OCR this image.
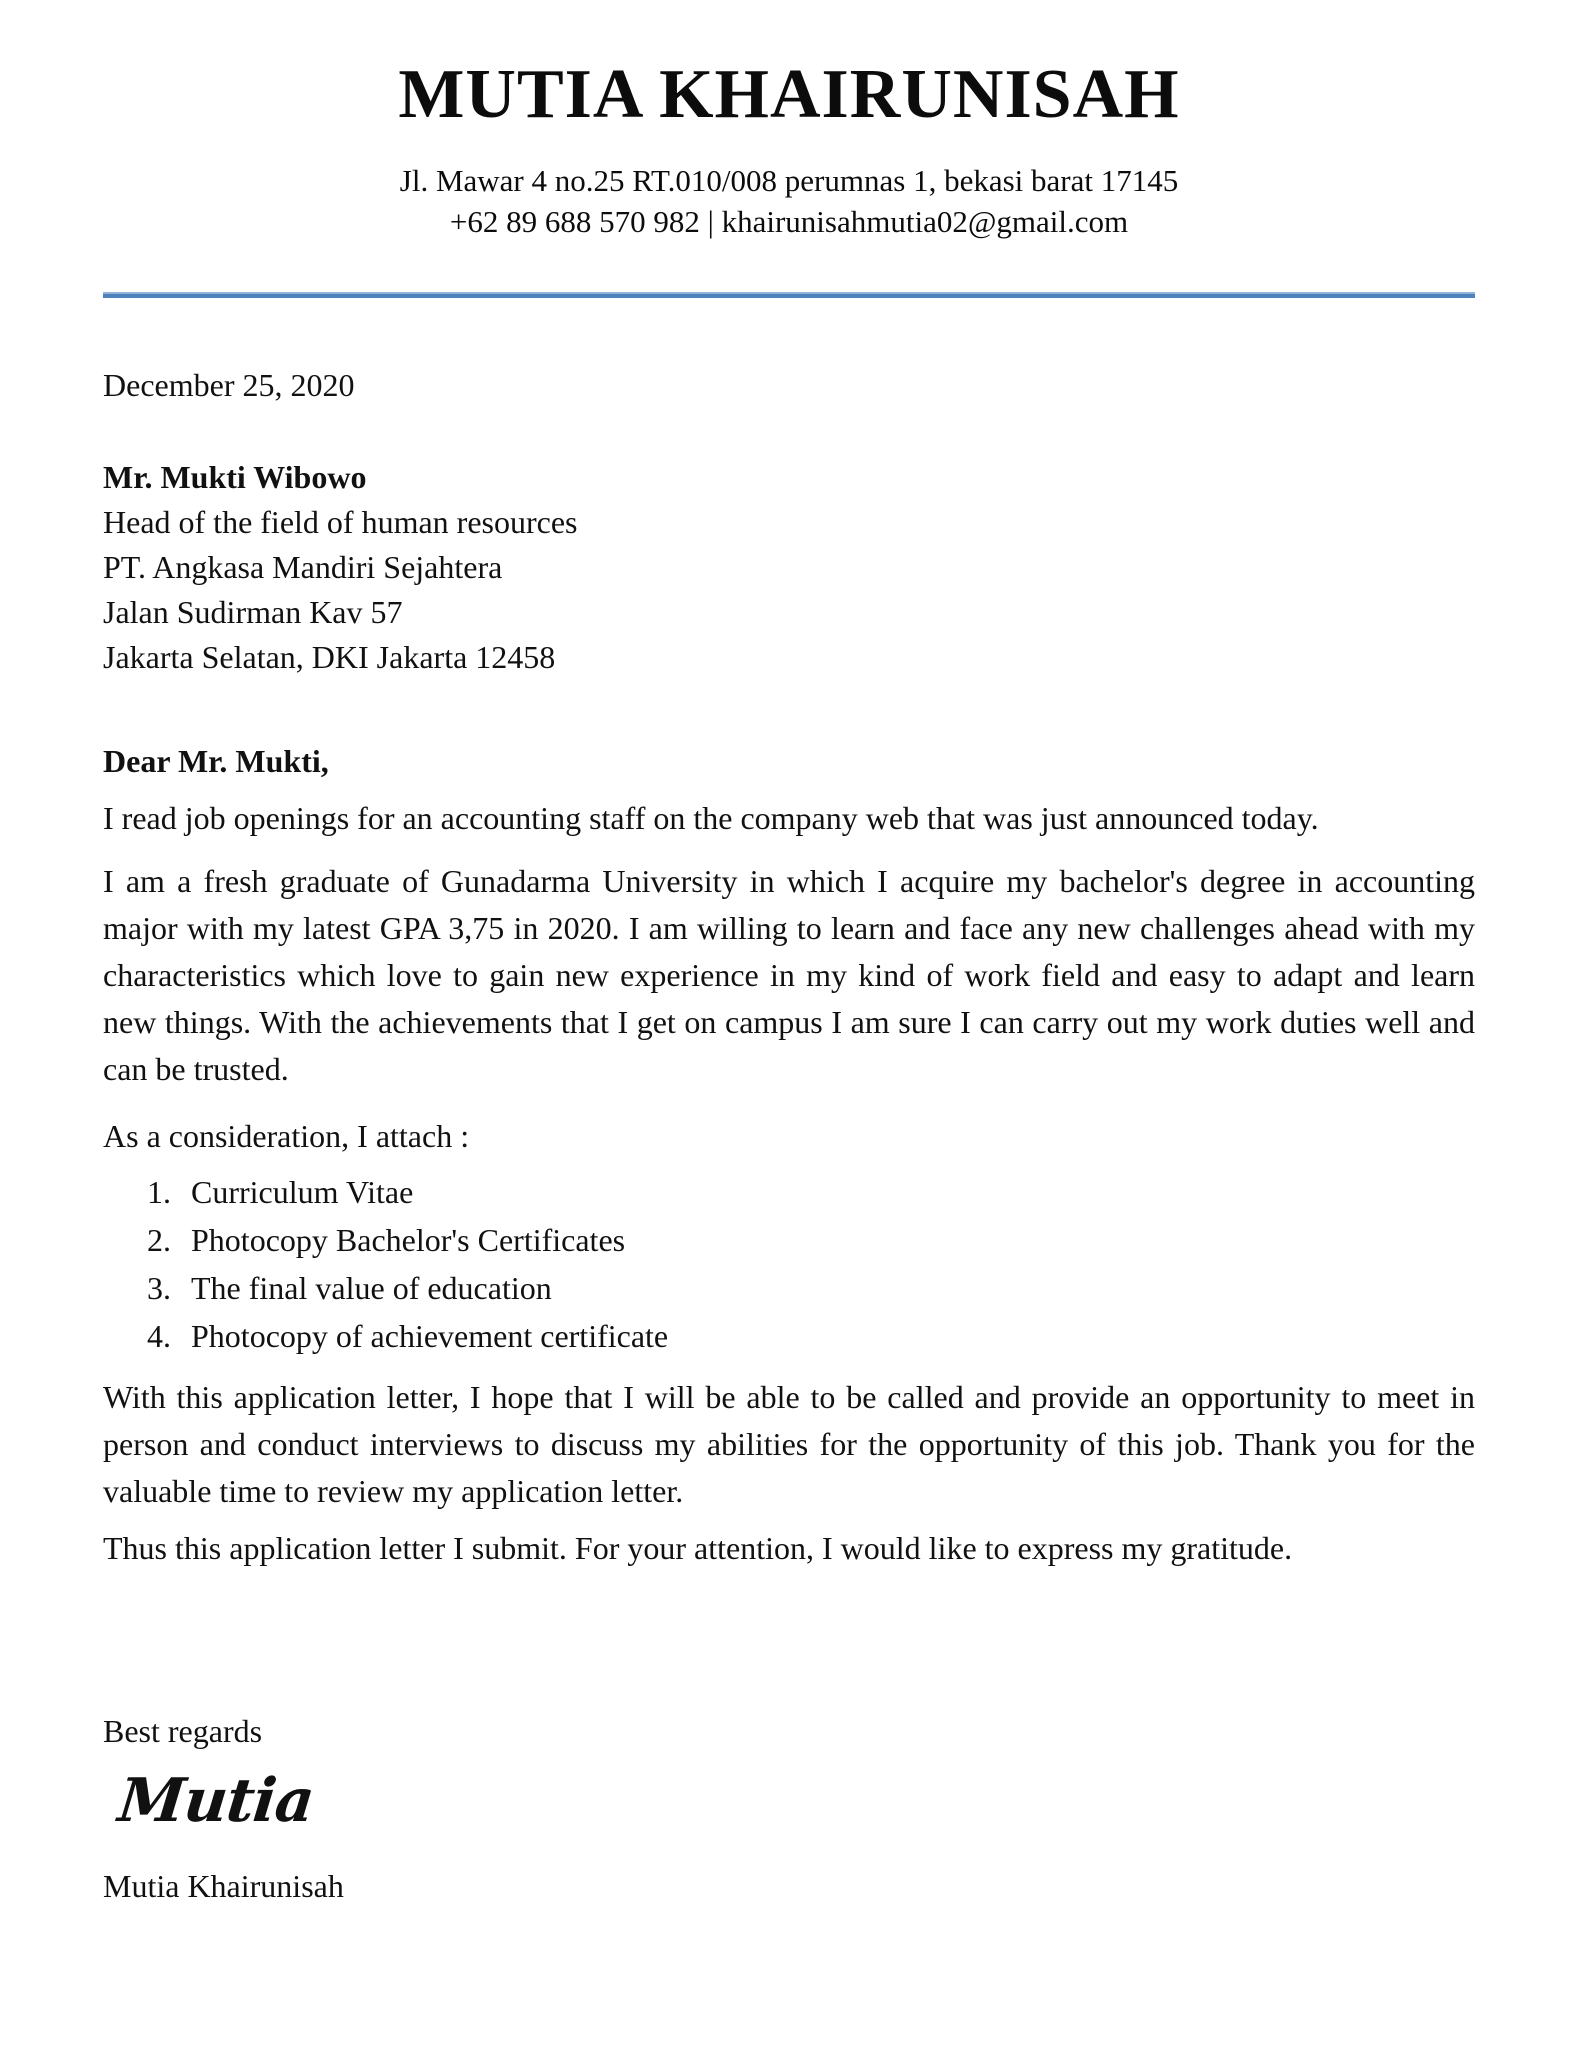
MUTIA KHAIRUNISAH
Jl. Mawar 4 no.25 RT.010/008 perumnas 1, bekasi barat 17145
+62 89 688 570 982 | khairunisahmutia02@gmail.com

December 25, 2020

Mr. Mukti Wibowo

Head of the field of human resources

PT. Angkasa Mandiri Sejahtera

Jalan Sudirman Kav 57

Jakarta Selatan, DKI Jakarta 12458

Dear Mr. Mukti,

I read job openings for an accounting staff on the company web that was just announced today.

I am a fresh graduate of Gunadarma University in which I acquire my bachelor's degree in accounting major with my latest GPA 3,75 in 2020. I am willing to learn and face any new challenges ahead with my characteristics which love to gain new experience in my kind of work field and easy to adapt and learn new things. With the achievements that I get on campus I am sure I can carry out my work duties well and can be trusted.

As a consideration, I attach :

1. Curriculum Vitae
2. Photocopy Bachelor's Certificates
3. The final value of education
4. Photocopy of achievement certificate

With this application letter, I hope that I will be able to be called and provide an opportunity to meet in person and conduct interviews to discuss my abilities for the opportunity of this job. Thank you for the valuable time to review my application letter.

Thus this application letter I submit. For your attention, I would like to express my gratitude.

Best regards

Mutia

Mutia Khairunisah
